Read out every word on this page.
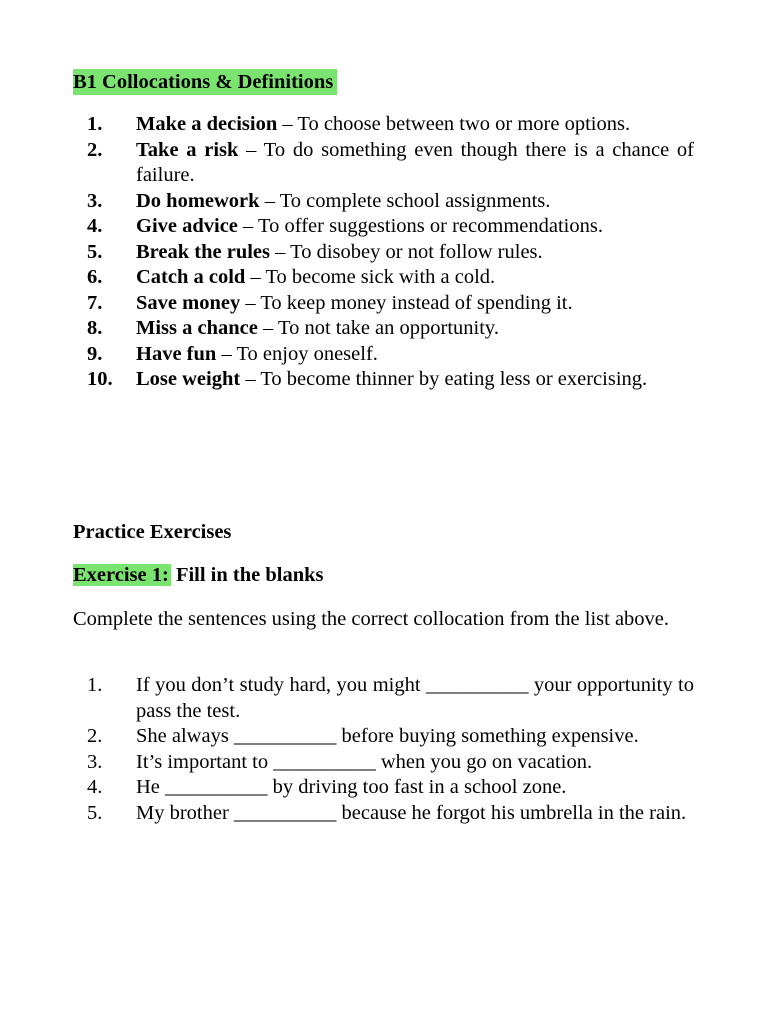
B1 Collocations & Definitions
1. Make a decision – To choose between two or more options.
2. Take a risk – To do something even though there is a chance of failure.
3. Do homework – To complete school assignments.
4. Give advice – To offer suggestions or recommendations.
5. Break the rules – To disobey or not follow rules.
6. Catch a cold – To become sick with a cold.
7. Save money – To keep money instead of spending it.
8. Miss a chance – To not take an opportunity.
9. Have fun – To enjoy oneself.
10. Lose weight – To become thinner by eating less or exercising.
Practice Exercises
Exercise 1: Fill in the blanks
Complete the sentences using the correct collocation from the list above.
1. If you don’t study hard, you might __________ your opportunity to pass the test.
2. She always __________ before buying something expensive.
3. It’s important to __________ when you go on vacation.
4. He __________ by driving too fast in a school zone.
5. My brother __________ because he forgot his umbrella in the rain.
